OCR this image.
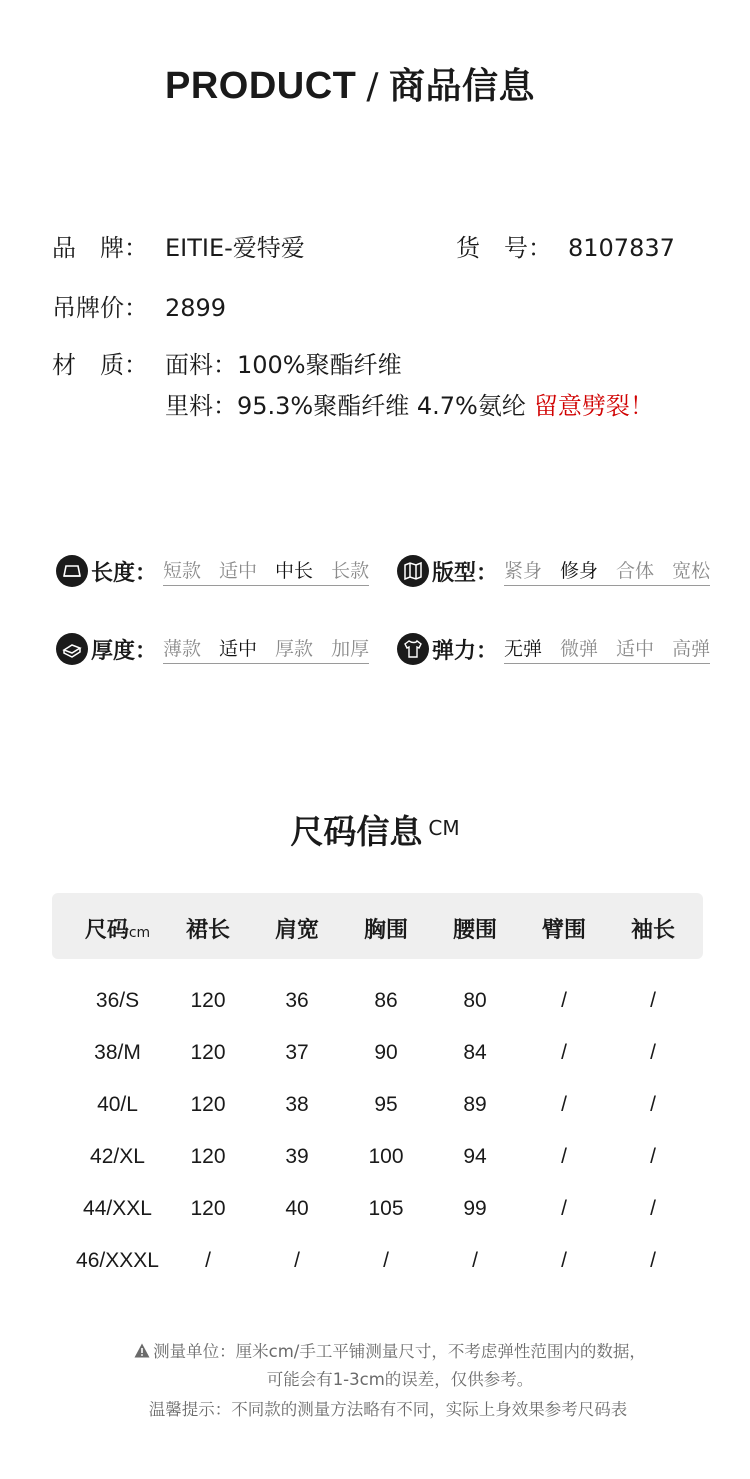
PRODUCT / 商品信息
品　牌： EITIE-爱特爱	货　号： 8107837
吊牌价： 2899
材　质： 面料：100%聚酯纤维
里料：95.3%聚酯纤维 4.7%氨纶 留意劈裂！
长度： 短款 适中 中长 长款	版型： 紧身 修身 合体 宽松
厚度： 薄款 适中 厚款 加厚	弹力： 无弹 微弹 适中 高弹
尺码信息 $^{CM}$
尺码cm	裙长	肩宽	胸围	腰围	臂围	袖长
36/S	120	36	86	80	/	/
38/M	120	37	90	84	/	/
40/L	120	38	95	89	/	/
42/XL	120	39	100	94	/	/
44/XXL	120	40	105	99	/	/
46/XXXL	/	/	/	/	/	/
测量单位：厘米cm/手工平铺测量尺寸，不考虑弹性范围内的数据，
可能会有1-3cm的误差，仅供参考。
温馨提示：不同款的测量方法略有不同，实际上身效果参考尺码表
